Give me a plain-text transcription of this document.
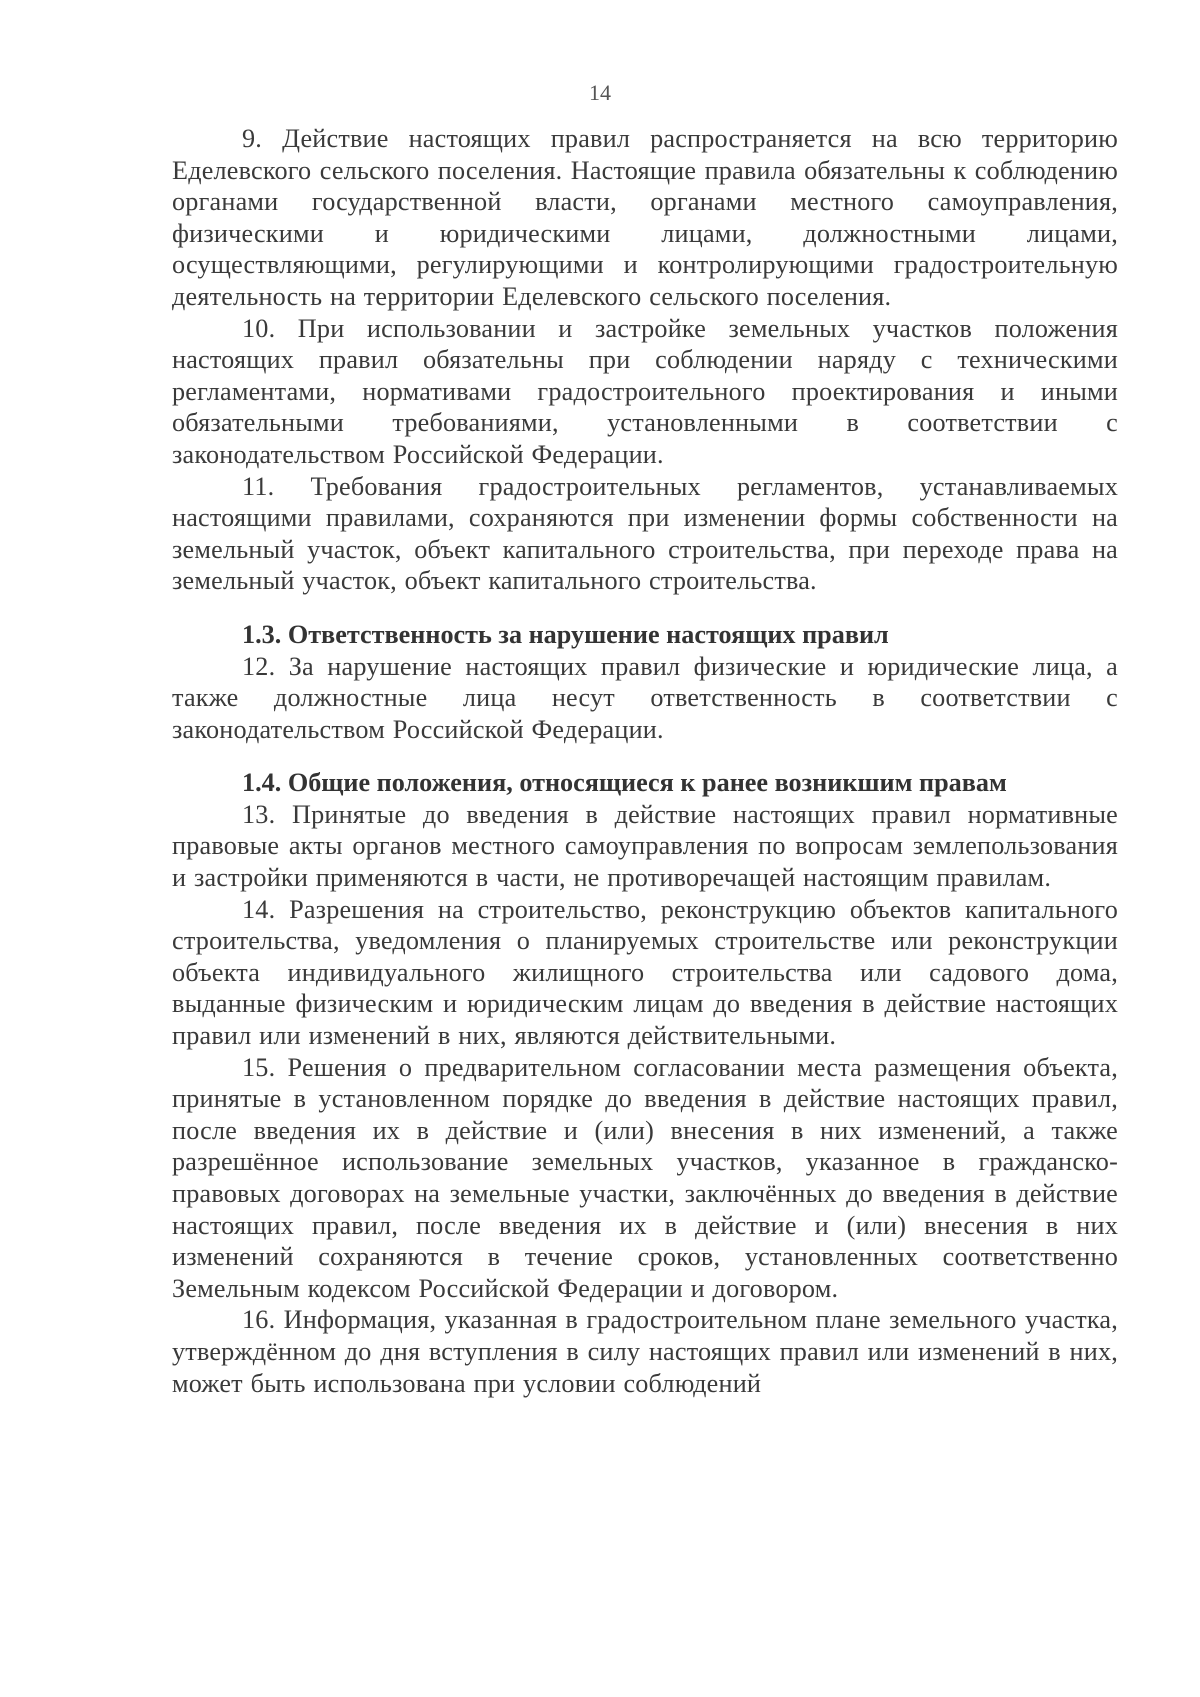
14

9. Действие настоящих правил распространяется на всю территорию Еделевского сельского поселения. Настоящие правила обязательны к соблюдению органами государственной власти, органами местного самоуправления, физическими и юридическими лицами, должностными лицами, осуществляющими, регулирующими и контролирующими градостроительную деятельность на территории Еделевского сельского поселения.

10. При использовании и застройке земельных участков положения настоящих правил обязательны при соблюдении наряду с техническими регламентами, нормативами градостроительного проектирования и иными обязательными требованиями, установленными в соответствии с законодательством Российской Федерации.

11. Требования градостроительных регламентов, устанавливаемых настоящими правилами, сохраняются при изменении формы собственности на земельный участок, объект капитального строительства, при переходе права на земельный участок, объект капитального строительства.

1.3. Ответственность за нарушение настоящих правил

12. За нарушение настоящих правил физические и юридические лица, а также должностные лица несут ответственность в соответствии с законодательством Российской Федерации.

1.4. Общие положения, относящиеся к ранее возникшим правам

13. Принятые до введения в действие настоящих правил нормативные правовые акты органов местного самоуправления по вопросам землепользования и застройки применяются в части, не противоречащей настоящим правилам.

14. Разрешения на строительство, реконструкцию объектов капитального строительства, уведомления о планируемых строительстве или реконструкции объекта индивидуального жилищного строительства или садового дома, выданные физическим и юридическим лицам до введения в действие настоящих правил или изменений в них, являются действительными.

15. Решения о предварительном согласовании места размещения объекта, принятые в установленном порядке до введения в действие настоящих правил, после введения их в действие и (или) внесения в них изменений, а также разрешённое использование земельных участков, указанное в гражданско-правовых договорах на земельные участки, заключённых до введения в действие настоящих правил, после введения их в действие и (или) внесения в них изменений сохраняются в течение сроков, установленных соответственно Земельным кодексом Российской Федерации и договором.

16. Информация, указанная в градостроительном плане земельного участка, утверждённом до дня вступления в силу настоящих правил или изменений в них, может быть использована при условии соблюдений
